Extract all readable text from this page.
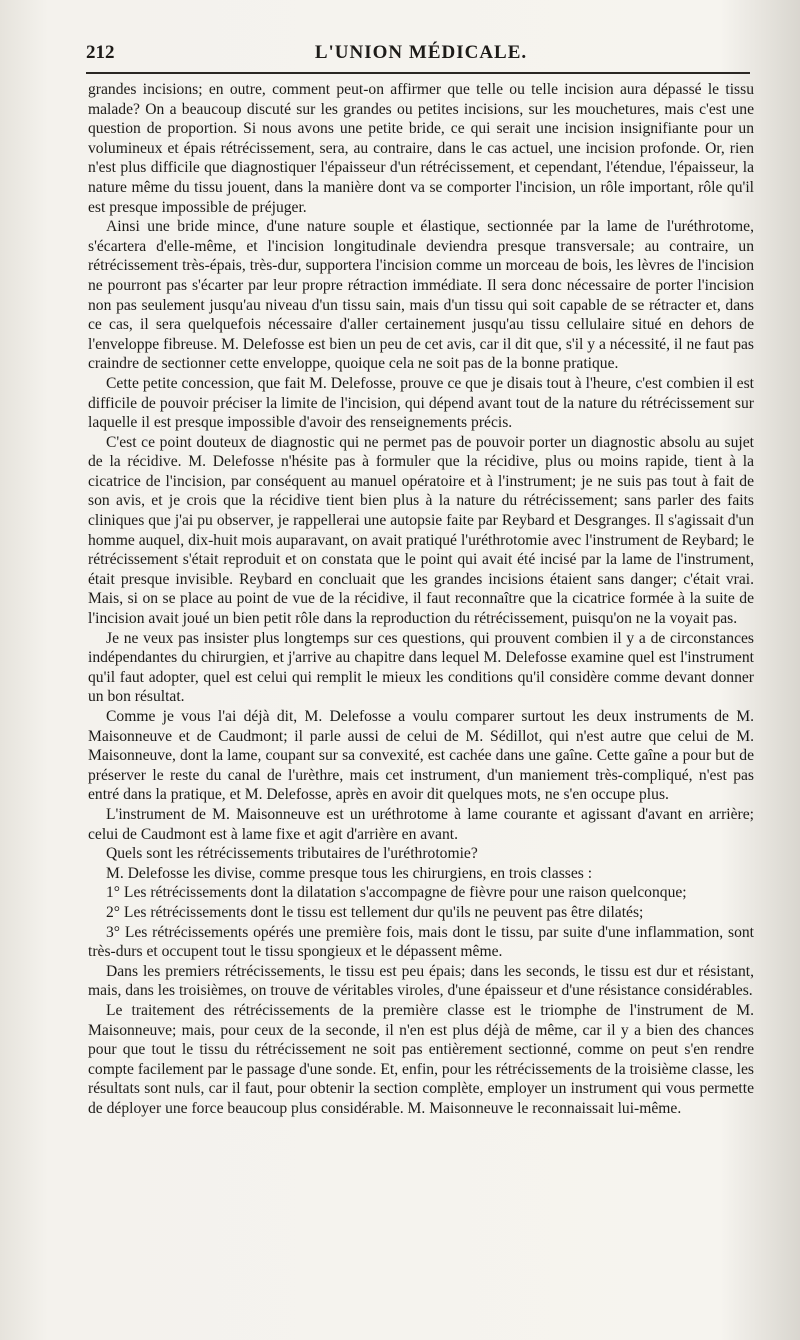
212	L'UNION MÉDICALE.

grandes incisions; en outre, comment peut-on affirmer que telle ou telle incision aura dépassé le tissu malade? On a beaucoup discuté sur les grandes ou petites incisions, sur les mouchetures, mais c'est une question de proportion. Si nous avons une petite bride, ce qui serait une incision insignifiante pour un volumineux et épais rétrécissement, sera, au contraire, dans le cas actuel, une incision profonde. Or, rien n'est plus difficile que diagnostiquer l'épaisseur d'un rétrécissement, et cependant, l'étendue, l'épaisseur, la nature même du tissu jouent, dans la manière dont va se comporter l'incision, un rôle important, rôle qu'il est presque impossible de préjuger.

Ainsi une bride mince, d'une nature souple et élastique, sectionnée par la lame de l'uréthrotome, s'écartera d'elle-même, et l'incision longitudinale deviendra presque transversale; au contraire, un rétrécissement très-épais, très-dur, supportera l'incision comme un morceau de bois, les lèvres de l'incision ne pourront pas s'écarter par leur propre rétraction immédiate. Il sera donc nécessaire de porter l'incision non pas seulement jusqu'au niveau d'un tissu sain, mais d'un tissu qui soit capable de se rétracter et, dans ce cas, il sera quelquefois nécessaire d'aller certainement jusqu'au tissu cellulaire situé en dehors de l'enveloppe fibreuse. M. Delefosse est bien un peu de cet avis, car il dit que, s'il y a nécessité, il ne faut pas craindre de sectionner cette enveloppe, quoique cela ne soit pas de la bonne pratique.

Cette petite concession, que fait M. Delefosse, prouve ce que je disais tout à l'heure, c'est combien il est difficile de pouvoir préciser la limite de l'incision, qui dépend avant tout de la nature du rétrécissement sur laquelle il est presque impossible d'avoir des renseignements précis.

C'est ce point douteux de diagnostic qui ne permet pas de pouvoir porter un diagnostic absolu au sujet de la récidive. M. Delefosse n'hésite pas à formuler que la récidive, plus ou moins rapide, tient à la cicatrice de l'incision, par conséquent au manuel opératoire et à l'instrument; je ne suis pas tout à fait de son avis, et je crois que la récidive tient bien plus à la nature du rétrécissement; sans parler des faits cliniques que j'ai pu observer, je rappellerai une autopsie faite par Reybard et Desgranges. Il s'agissait d'un homme auquel, dix-huit mois auparavant, on avait pratiqué l'uréthrotomie avec l'instrument de Reybard; le rétrécissement s'était reproduit et on constata que le point qui avait été incisé par la lame de l'instrument, était presque invisible. Reybard en concluait que les grandes incisions étaient sans danger; c'était vrai. Mais, si on se place au point de vue de la récidive, il faut reconnaître que la cicatrice formée à la suite de l'incision avait joué un bien petit rôle dans la reproduction du rétrécissement, puisqu'on ne la voyait pas.

Je ne veux pas insister plus longtemps sur ces questions, qui prouvent combien il y a de circonstances indépendantes du chirurgien, et j'arrive au chapitre dans lequel M. Delefosse examine quel est l'instrument qu'il faut adopter, quel est celui qui remplit le mieux les conditions qu'il considère comme devant donner un bon résultat.

Comme je vous l'ai déjà dit, M. Delefosse a voulu comparer surtout les deux instruments de M. Maisonneuve et de Caudmont; il parle aussi de celui de M. Sédillot, qui n'est autre que celui de M. Maisonneuve, dont la lame, coupant sur sa convexité, est cachée dans une gaîne. Cette gaîne a pour but de préserver le reste du canal de l'urèthre, mais cet instrument, d'un maniement très-compliqué, n'est pas entré dans la pratique, et M. Delefosse, après en avoir dit quelques mots, ne s'en occupe plus.

L'instrument de M. Maisonneuve est un uréthrotome à lame courante et agissant d'avant en arrière; celui de Caudmont est à lame fixe et agit d'arrière en avant.

Quels sont les rétrécissements tributaires de l'uréthrotomie?

M. Delefosse les divise, comme presque tous les chirurgiens, en trois classes :

1° Les rétrécissements dont la dilatation s'accompagne de fièvre pour une raison quelconque;

2° Les rétrécissements dont le tissu est tellement dur qu'ils ne peuvent pas être dilatés;

3° Les rétrécissements opérés une première fois, mais dont le tissu, par suite d'une inflammation, sont très-durs et occupent tout le tissu spongieux et le dépassent même.

Dans les premiers rétrécissements, le tissu est peu épais; dans les seconds, le tissu est dur et résistant, mais, dans les troisièmes, on trouve de véritables viroles, d'une épaisseur et d'une résistance considérables.

Le traitement des rétrécissements de la première classe est le triomphe de l'instrument de M. Maisonneuve; mais, pour ceux de la seconde, il n'en est plus déjà de même, car il y a bien des chances pour que tout le tissu du rétrécissement ne soit pas entièrement sectionné, comme on peut s'en rendre compte facilement par le passage d'une sonde. Et, enfin, pour les rétrécissements de la troisième classe, les résultats sont nuls, car il faut, pour obtenir la section complète, employer un instrument qui vous permette de déployer une force beaucoup plus considérable. M. Maisonneuve le reconnaissait lui-même.
